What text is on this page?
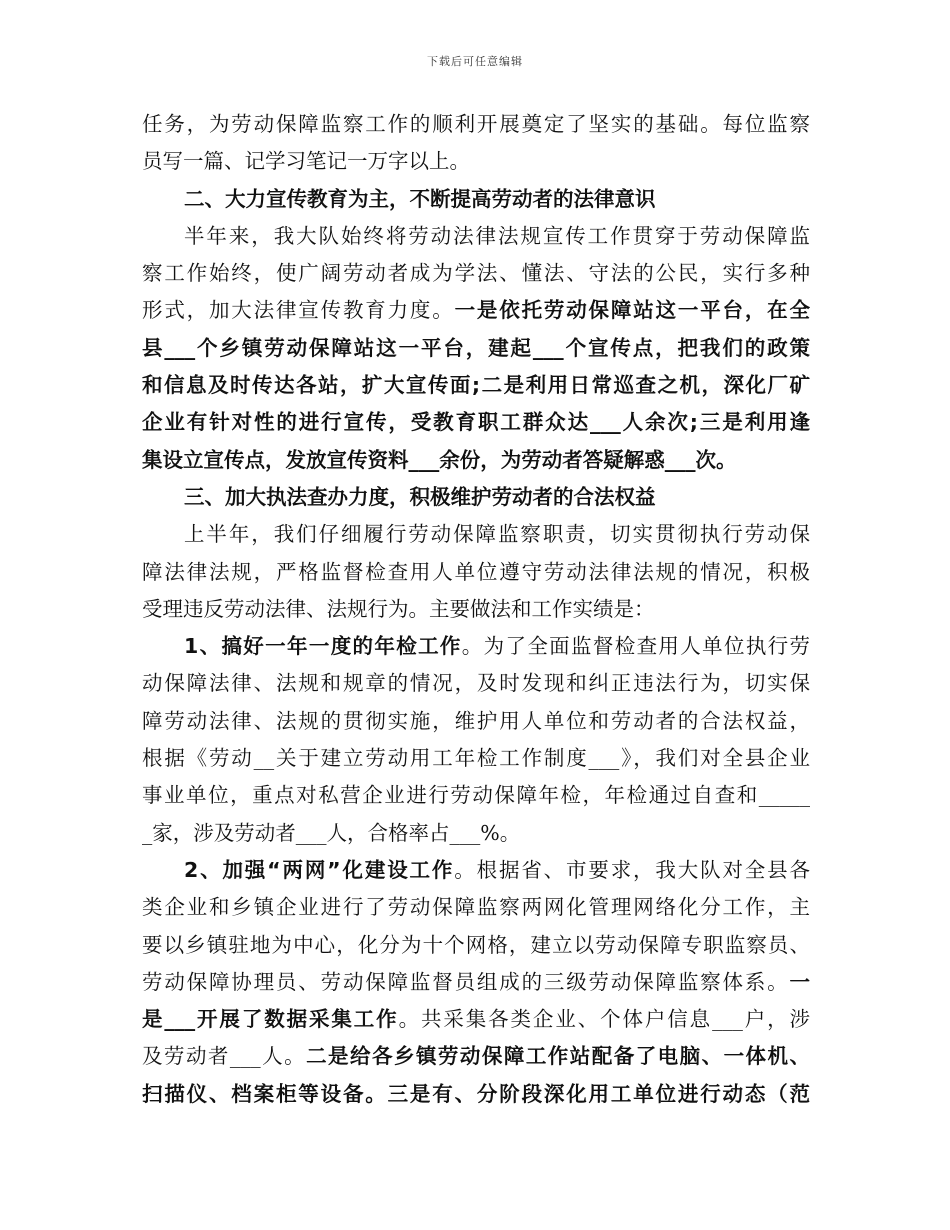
下载后可任意编辑
任务，为劳动保障监察工作的顺利开展奠定了坚实的基础。每位监察
员写一篇、记学习笔记一万字以上。
二、大力宣传教育为主，不断提高劳动者的法律意识
半年来，我大队始终将劳动法律法规宣传工作贯穿于劳动保障监
察工作始终，使广阔劳动者成为学法、懂法、守法的公民，实行多种
形式，加大法律宣传教育力度。一是依托劳动保障站这一平台，在全
县___个乡镇劳动保障站这一平台，建起___个宣传点，把我们的政策
和信息及时传达各站，扩大宣传面;二是利用日常巡查之机，深化厂矿
企业有针对性的进行宣传，受教育职工群众达___人余次;三是利用逢
集设立宣传点，发放宣传资料___余份，为劳动者答疑解惑___次。
三、加大执法查办力度，积极维护劳动者的合法权益
上半年，我们仔细履行劳动保障监察职责，切实贯彻执行劳动保
障法律法规，严格监督检查用人单位遵守劳动法律法规的情况，积极
受理违反劳动法律、法规行为。主要做法和工作实绩是：
1、搞好一年一度的年检工作。为了全面监督检查用人单位执行劳
动保障法律、法规和规章的情况，及时发现和纠正违法行为，切实保
障劳动法律、法规的贯彻实施，维护用人单位和劳动者的合法权益，
根据《劳动__关于建立劳动用工年检工作制度___》，我们对全县企业
事业单位，重点对私营企业进行劳动保障年检，年检通过自查和_____
_家，涉及劳动者___人，合格率占___%。
2、加强“两网”化建设工作。根据省、市要求，我大队对全县各
类企业和乡镇企业进行了劳动保障监察两网化管理网络化分工作，主
要以乡镇驻地为中心，化分为十个网格，建立以劳动保障专职监察员、
劳动保障协理员、劳动保障监督员组成的三级劳动保障监察体系。一
是___开展了数据采集工作。共采集各类企业、个体户信息___户，涉
及劳动者___人。二是给各乡镇劳动保障工作站配备了电脑、一体机、
扫描仪、档案柜等设备。三是有、分阶段深化用工单位进行动态（范
